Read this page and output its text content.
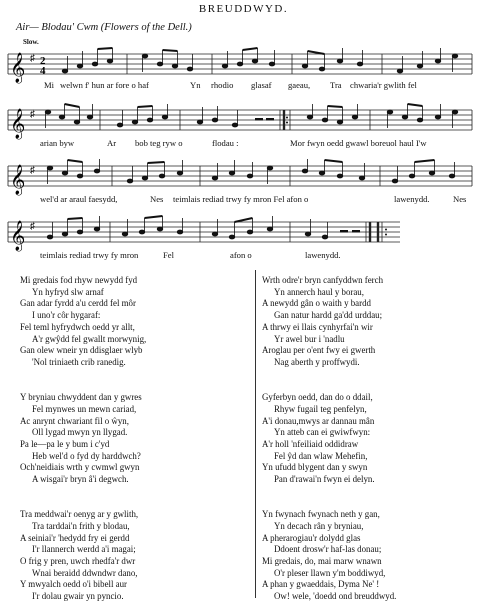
BREUDDWYD.
Air— Blodau' Cwm (Flowers of the Dell.)
Slow.
𝄞 ♯ 2
4
Mi welwn f' hun ar fore o haf	Yn rhodio glasaf gaeau, Tra chwaria'r gwlith fel
𝄞 ♯
arian byw	Ar bob teg ryw o	flodau :	Mor fwyn oedd gwawl boreuol haul I'w
𝄞 ♯
wel'd ar araul faesydd,	Nes teimlais rediad trwy fy mron Fel afon o	lawenydd.	Nes
𝄞 ♯
teimlais rediad trwy fy mron	Fel	afon o	lawenydd.
Mi gredais fod rhyw newydd fyd
Yn hyfryd slw arnaf
Gan adar fyrdd a'u cerdd fel môr
I uno'r côr hygaraf:
Fel teml hyfrydwch oedd yr allt,
A'r gwŷdd fel gwallt morwynig,
Gan olew wneir yn ddisglaer wlyb
'Nol triniaeth crib ranedig.
Y bryniau chwyddent dan y gwres
Fel mynwes un mewn cariad,
Ac anrynt chwariant fil o ŵyn,
Oll lygad mwyn yn llygad.
Pa le—pa le y bum i c'yd
Heb wel'd o fyd dy harddwch?
Och'neidiais wrth y cwmwl gwyn
A wisgai'r bryn â'i degwch.
Tra meddwai'r oenyg ar y gwlith,
Tra tarddai'n frith y blodau,
A seiniai'r 'hedydd fry ei gerdd
I'r llannerch werdd a'i magai;
O frig y pren, uwch rhedfa'r dwr
Wnai beraidd ddwndwr dano,
Y mwyalch oedd o'i bibell aur
I'r dolau gwair yn pyncio.
Wrth odre'r bryn canfyddwn ferch
Yn annerch haul y borau,
A newydd gân o waith y bardd
Gan natur hardd ga'dd urddau;
A thrwy ei llais cynhyrfai'n wir
Yr awel bur i 'nadlu
Aroglau per o'ent fwy ei gwerth
Nag aberth y proffwydi.
Gyferbyn oedd, dan do o ddail,
Rhyw fugail teg penfelyn,
A'i donau,mwys ar dannau mân
Yn atteb can ei gwiwfwyn:
A'r holl 'nfeiliaid oddidraw
Fel ŷd dan wlaw Mehefin,
Yn ufudd blygent dan y swyn
Pan d'rawai'n fwyn ei delyn.
Yn fwynach fwynach neth y gan,
Yn decach rân y bryniau,
A pherarogiau'r dolydd glas
Ddoent drosw'r haf-las donau;
Mi gredais, do, mai marw wnawn
O'r pleser llawn y'm boddiwyd,
A phan y gwaeddais, Dyma Ne' !
Ow! wele, 'doedd ond breuddwyd.
